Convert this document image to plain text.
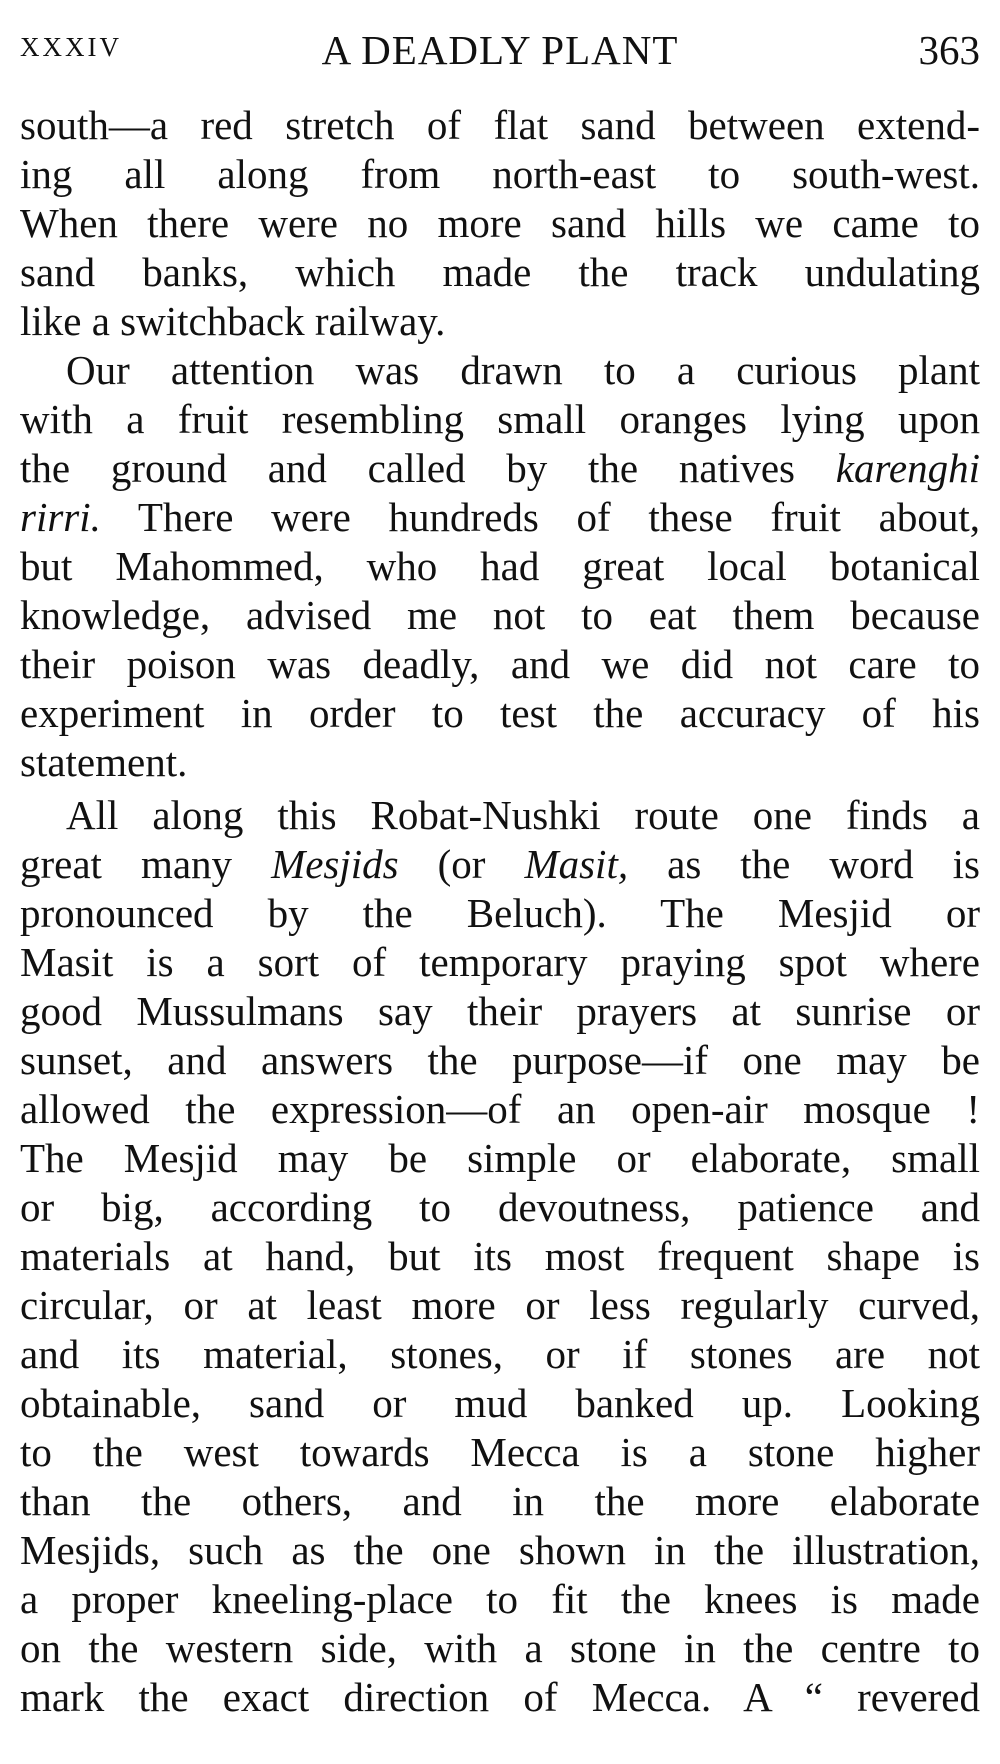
XXXIV	A DEADLY PLANT	363
south—a red stretch of flat sand between extend-
ing all along from north-east to south-west.
When there were no more sand hills we came to
sand banks, which made the track undulating
like a switchback railway.
Our attention was drawn to a curious plant
with a fruit resembling small oranges lying upon
the ground and called by the natives karenghi
rirri. There were hundreds of these fruit about,
but Mahommed, who had great local botanical
knowledge, advised me not to eat them because
their poison was deadly, and we did not care to
experiment in order to test the accuracy of his
statement.
All along this Robat-Nushki route one finds a
great many Mesjids (or Masit, as the word is
pronounced by the Beluch). The Mesjid or
Masit is a sort of temporary praying spot where
good Mussulmans say their prayers at sunrise or
sunset, and answers the purpose—if one may be
allowed the expression—of an open-air mosque !
The Mesjid may be simple or elaborate, small
or big, according to devoutness, patience and
materials at hand, but its most frequent shape is
circular, or at least more or less regularly curved,
and its material, stones, or if stones are not
obtainable, sand or mud banked up. Looking
to the west towards Mecca is a stone higher
than the others, and in the more elaborate
Mesjids, such as the one shown in the illustration,
a proper kneeling-place to fit the knees is made
on the western side, with a stone in the centre to
mark the exact direction of Mecca. A “ revered
